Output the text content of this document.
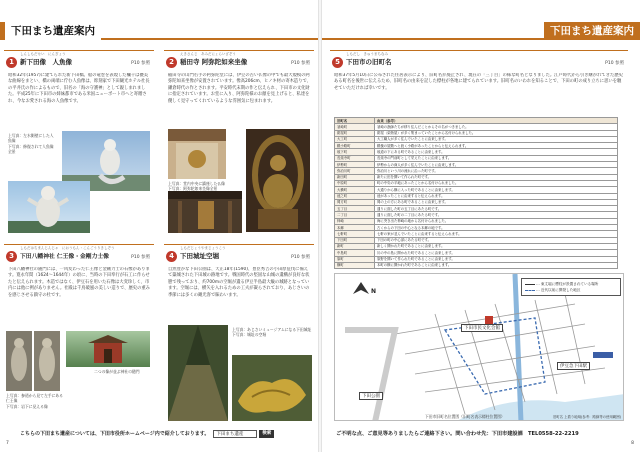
下田まち遺産案内
1
しんしもだせい　にんぎょう
新下田像　人魚像	P10 参照
昭和32年(1957)に建てられた新下田橋。船の竜巻を表現した欄干は優美な曲線をまとい、橋の両端に佇む人魚像は、彫刻家で下田観光ホテル社長の平井氏の作によるもので、旧名の「海の守護神」として親しまれました。平成25年に下田市の姉妹都市である米国ニューポート市へと寄贈され、今なお愛される海の人魚像です。
上写真：左水側壁にした人魚像
下写真：修復されて人魚像全景
2
えきさんじ　あみだにょらいざぞう
稲田寺 阿弥陀如来坐像	P10 参照
稲田寺の山門右手の阿弥陀堂には、伊豆の古い仏像の中でも最大規模の阿弥陀如来坐像が安置されています。像高206cm、ヒノキ材の寄木造りで、鎌倉時代の作とされます。平安時代末期の作と伝えられ、下田市の文化財に指定されています。お堂に入り、阿弥陀様のお顔を見上げると、私達を優しく見守ってくれているような雰囲気に包まれます。
上写真：堂内中央に鎮座した仏像
下写真：阿弥陀如来坐像全景
3
しもだはちまんじんじゃ　におうもん・こんごうりきしぞう
下田八幡神社 仁王像・金剛力士像	P10 参照
下田八幡神社の随門には、一风変わった仁王像と金剛力士の石像があります。寛永年間（1624〜1644年）の頃に、当時の下田奉行が石工に作らせたと伝えられます。木造ではなく、伊豆石を用いた石像は大変珍しく、市内には他に例がありません。社殿は千鳥破風の美しい造りで、歴史の重みを感じさせる鎮守の杜です。
二つの像が並ぶ神社の随門
上写真：参道から見て左手にある仁王像
下写真：岩下に見える像
4
しもだじょうやまじょうこう
下田城址空堀	P10 参照
自然豊かな下田公園は、天正18年(1590)、豊臣秀吉の小田原征伐に備えて築城された下田城の跡地です。戦国時代の堅固な山城の遺構が良好な状態で残っており、約700mの空堀が遺る伊豆半島最大級の城跡となっています。空堀には、横矢を入れるための工夫が凝らされており、あじさいの季節には多くの観光客で賑わいます。
上写真：あじさいミュージアムになる下田城址
下写真：城址の空堀
こちらの下田まち遺産については、下田市役所ホームページ内で紹介しております。 下田まち遺産	検索
7
下田まち遺産案内
5
しもだし　きゅうまちなみ
下田市の旧町名	P10 参照
昭和37年5月10日に公布された住居表示により、旧町名が廃止され、現在の「三丁目」の様な町名となりました。江戸時代から引き継がれてきた歴史ある町名を後世に伝えるため、旧町名の由来を記した標柱が各地に建てられています。旧町名のいわれを知ることで、下田の町の成り立ちに思いを馳せていただければ幸いです。
旧町名	由来（参考）
須崎町	須崎の漁師たちが移り住んだことからその名がつきました。
紺屋町	紺屋（染物屋）が多く集まっていたことから名付けられました。
大工町	大工職人が多く住んでいたことに由来します。
殿小路町	殿様の屋敷へと続く小路があったことからと伝えられます。
坂下町	坂道の下にある町であることに由来します。
長楽寺町	長楽寺の門前町として栄えたことに由来します。
伊勢町	伊勢からの商人が多く住んでいたことに由来します。
弥治川町	弥治川という川の流れに沿った町です。
新田町	新たに田を開いて作られた町です。
中原町	町の中央の平地にあったことから名付けられました。
大横町	大通りから横に入った町であることに由来します。
池之町	池があったことに由来すると伝えられます。
岡方町	岡の上の方にある町であることに由来します。
五丁目	通りに面した町の五丁目にあたる町です。
二丁目	通りに面した町の二丁目にあたる町です。
柿崎	海に突き出た柿崎の地から名付けられました。
本郷	古くからの下田の中心となる本郷の地です。
七軒町	七軒の家が並んでいたことに由来すると伝えられます。
下田町	下田の町の中心部にあたる町です。
新町	新しく開かれた町であることに由来します。
中島町	川の中の島に開かれた町であることに由来します。
原町	原野を開いて作られた町であることに由来します。
横町	本町の横に開かれた町であることに由来します。
N
下田市民文化会館
伊豆急下田駅
下田公園
… 東丈堀に標柱が設置されている場所
… 近代以前に開発した地区
下田市旧町名位置図（旧町名表示標柱位置図）	旧町名 上着り地域(参考：路線等の使用範囲)
ご不明な点、ご意見等ありましたらご連絡下さい。問い合わせ先：下田市建設課　TEL0558-22-2219
8
